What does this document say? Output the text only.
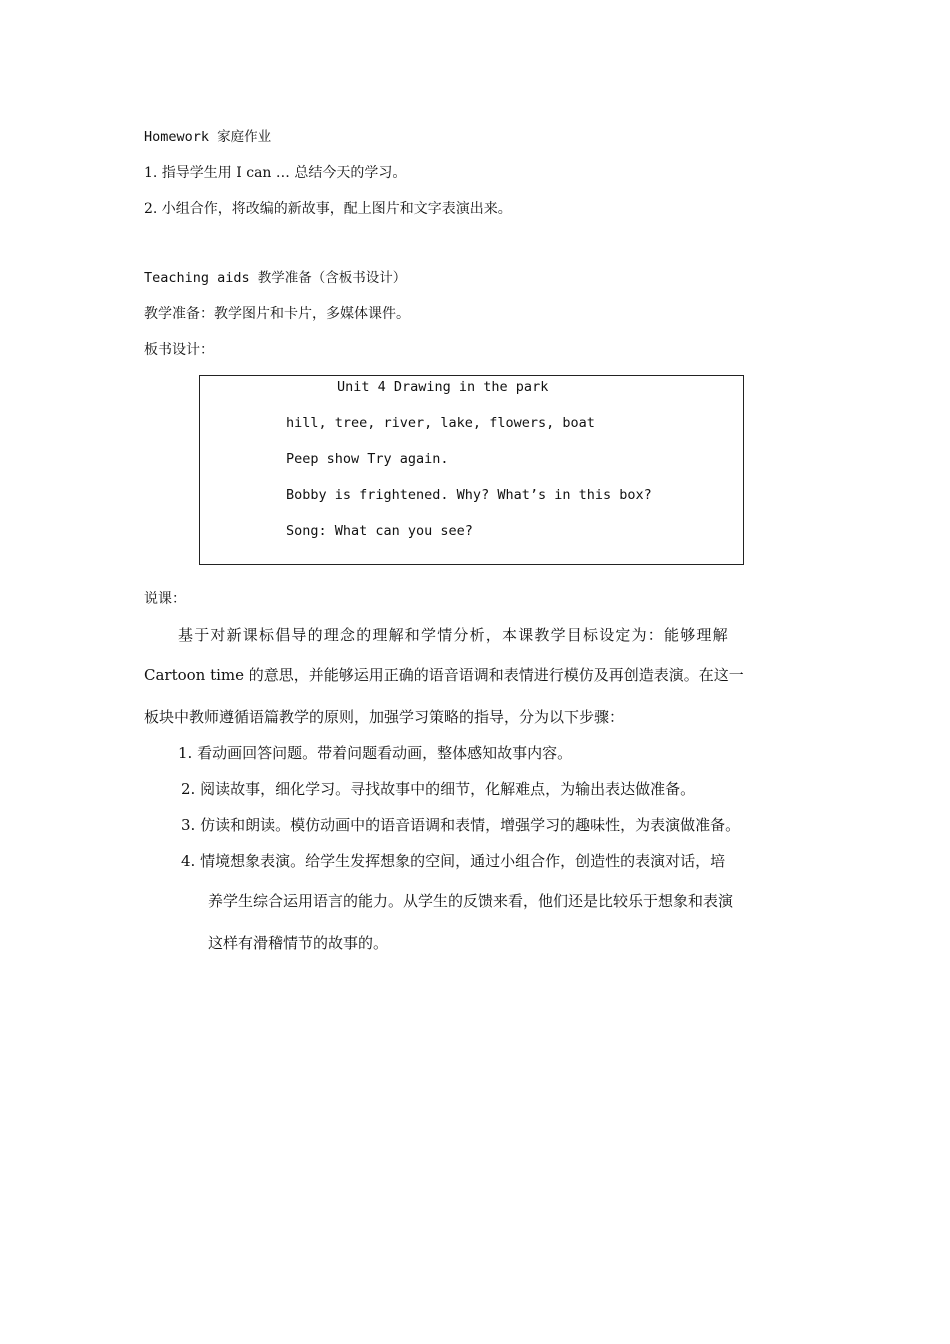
Homework 家庭作业
1. 指导学生用 I can … 总结今天的学习。
2. 小组合作，将改编的新故事，配上图片和文字表演出来。
Teaching aids 教学准备（含板书设计）
教学准备：教学图片和卡片，多媒体课件。
板书设计：
Unit 4 Drawing in the park
hill, tree, river, lake, flowers, boat
Peep show Try again.
Bobby is frightened. Why? What’s in this box?
Song: What can you see?
说课：
基于对新课标倡导的理念的理解和学情分析，本课教学目标设定为：能够理解
Cartoon time 的意思，并能够运用正确的语音语调和表情进行模仿及再创造表演。在这一
板块中教师遵循语篇教学的原则，加强学习策略的指导，分为以下步骤：
1. 看动画回答问题。带着问题看动画，整体感知故事内容。
2. 阅读故事，细化学习。寻找故事中的细节，化解难点，为输出表达做准备。
3. 仿读和朗读。模仿动画中的语音语调和表情，增强学习的趣味性，为表演做准备。
4. 情境想象表演。给学生发挥想象的空间，通过小组合作，创造性的表演对话，培
养学生综合运用语言的能力。从学生的反馈来看，他们还是比较乐于想象和表演
这样有滑稽情节的故事的。
